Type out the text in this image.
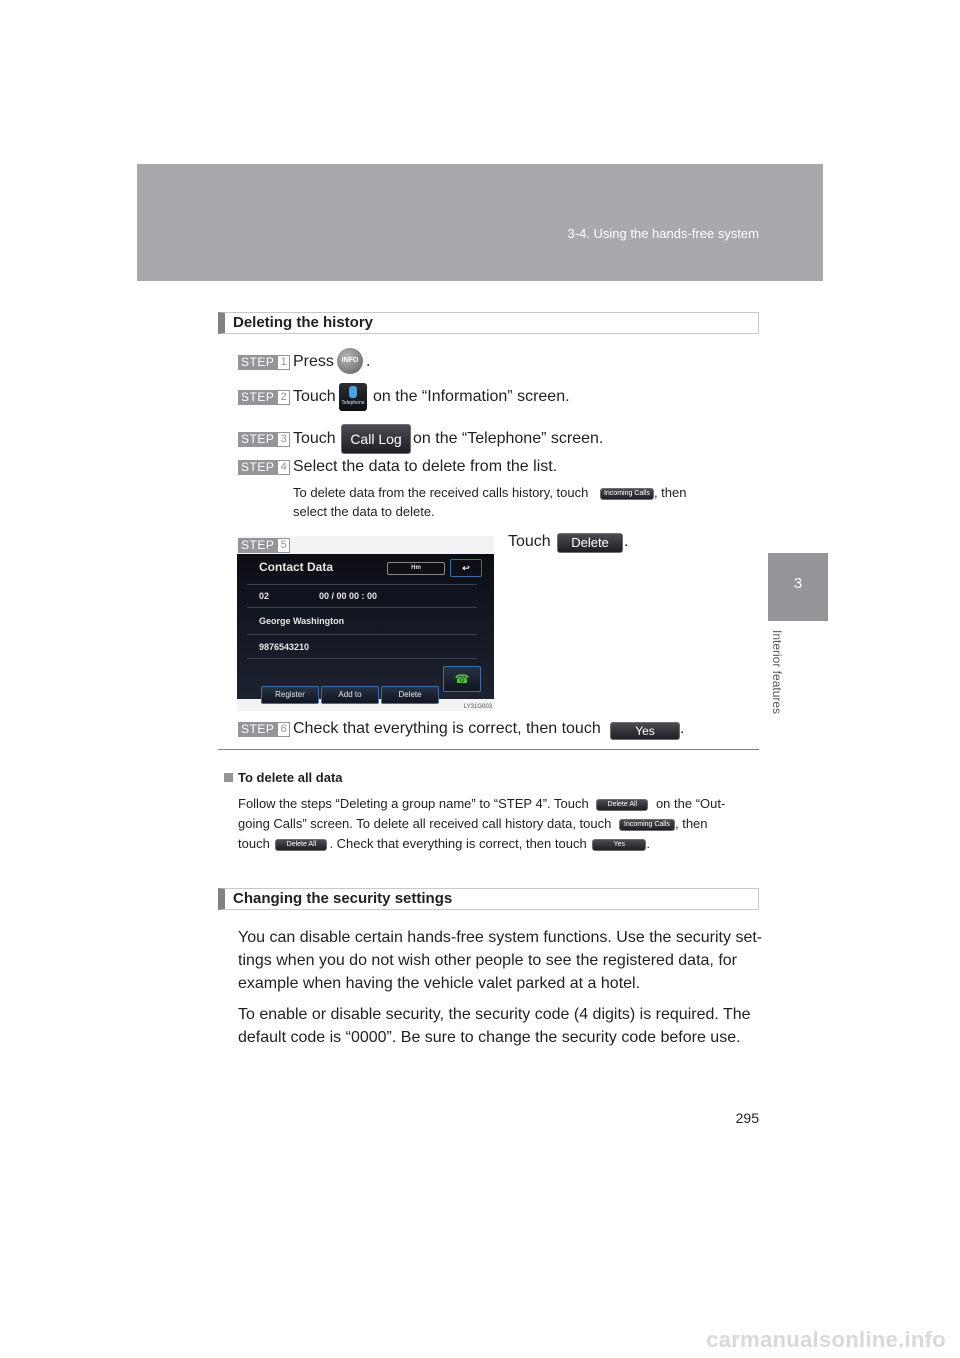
3-4. Using the hands-free system
3
Interior features
Deleting the history
STEP 1 Press	INFO .
STEP 2 Touch	Telephone on the “Information” screen.
STEP 3 Touch	Call Log on the “Telephone” screen.
STEP 4 Select the data to delete from the list.
To delete data from the received calls history, touch Incoming Calls , then
select the data to delete.
STEP 5	Touch	Delete .
Contact Data	Hm	↩
02	00 / 00 00 : 00
George Washington
9876543210
Register	Add to	Delete
☎
LY31G003
STEP 6 Check that everything is correct, then touch	Yes	.
To delete all data
Follow the steps “Deleting a group name” to “STEP 4”. Touch	Delete All on the “Out-
going Calls” screen. To delete all received call history data, touch Incoming Calls , then
touch Delete All . Check that everything is correct, then touch	Yes .
Changing the security settings
You can disable certain hands-free system functions. Use the security set-
tings when you do not wish other people to see the registered data, for
example when having the vehicle valet parked at a hotel.
To enable or disable security, the security code (4 digits) is required. The
default code is “0000”. Be sure to change the security code before use.
295
carmanualsonline.info
